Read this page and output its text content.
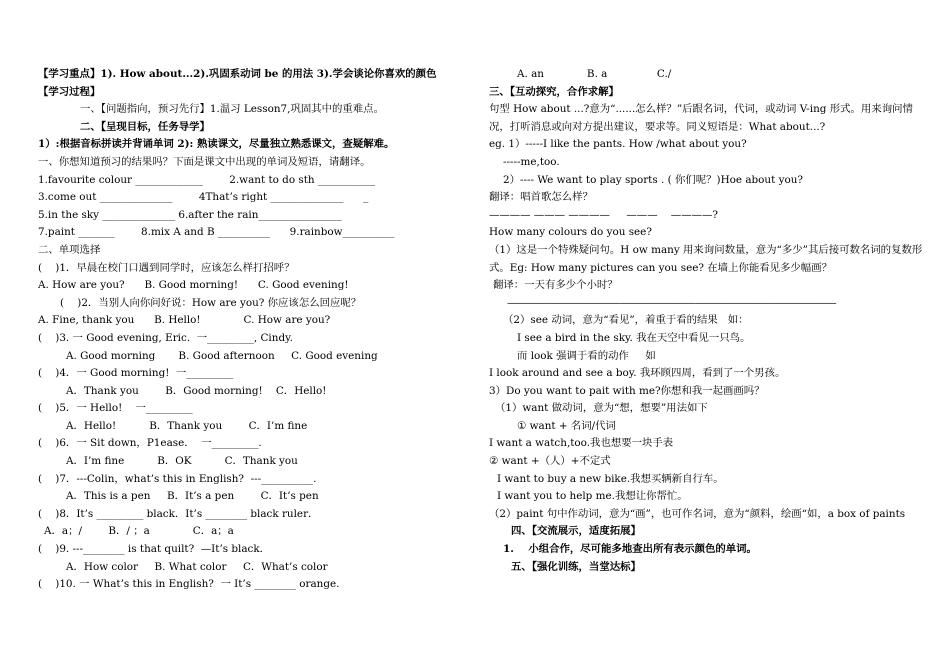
【学习重点】1). How about...2).巩固系动词 be 的用法 3).学会谈论你喜欢的颜色
【学习过程】
一、【问题指向，预习先行】1.温习 Lesson7,巩固其中的重难点。
二、【呈现目标，任务导学】
1）:根据音标拼读并背诵单词 2): 熟读课文，尽量独立熟悉课文，查疑解难。
一、你想知道预习的结果吗？下面是课文中出现的单词及短语，请翻译。
1.favourite colour _____________        2.want to do sth ___________
3.come out ______________        4That’s right ______________      _
5.in the sky ______________ 6.after the rain________________
7.paint _______        8.mix A and B __________      9.rainbow__________
二、单项选择
(    )1．早晨在校门口遇到同学时，应该怎么样打招呼？
A. How are you?      B. Good morning!      C. Good evening!
(    )2．当别人向你问好说：How are you? 你应该怎么回应呢？
A. Fine, thank you      B. Hello!             C. How are you?
(    )3. 一 Good evening, Eric.  一_________, Cindy.
A. Good morning       B. Good afternoon     C. Good evening
(    )4．一 Good morning!  一_________
A．Thank you        B．Good morning!    C．Hello!
(    )5．一 Hello!    一_________
A．Hello!          B．Thank you        C．I’m fine
(    )6．一 Sit down，P1ease．  一_________.
A．I’m fine          B．OK          C．Thank you
(    )7．---Colin，what’s this in English?  ---__________.
A．This is a pen     B．It’s a pen        C．It’s pen
(    )8．It’s _________ black．It’s ________ black ruler．
A．a；/        B．/ ；a             C．a；a
(    )9. ---________ is that quilt?  —It’s black．
A．How color     B. What color     C．What’s color
(    )10. 一 What’s this in English?  一 It’s ________ orange.
A. an             B. a               C./
三、【互动探究，合作求解】
句型 How about ...?意为“......怎么样？”后跟名词，代词，或动词 V-ing 形式。用来询问情况，打听消息或向对方提出建议，要求等。同义短语是：What about...?
eg. 1）-----I like the pants. How /what about you?
-----me,too.
2）---- We want to play sports . ( 你们呢？)Hoe about you?
翻译：唱首歌怎么样？
———— ——— ————     ———    ————?
How many colours do you see?
（1）这是一个特殊疑问句。H ow many 用来询问数量，意为“多少”其后接可数名词的复数形式。Eg: How many pictures can you see? 在墙上你能看见多少幅画？
翻译：一天有多少个小时？
———————————————————————————————————
（2）see 动词，意为“看见”，着重于看的结果   如：
I see a bird in the sky. 我在天空中看见一只鸟。
而 look 强调于看的动作     如
I look around and see a boy. 我环顾四周，看到了一个男孩。
3）Do you want to pait with me?你想和我一起画画吗？
（1）want 做动词，意为“想，想要”用法如下
① want + 名词/代词
I want a watch,too.我也想要一块手表
② want +（人）+不定式
I want to buy a new bike.我想买辆新自行车。
I want you to help me.我想让你帮忙。
（2）paint 句中作动词，意为“画”，也可作名词，意为“颜料，绘画“如，a box of paints
四、【交流展示，适度拓展】
1.    小组合作，尽可能多地查出所有表示颜色的单词。
五、【强化训练，当堂达标】
